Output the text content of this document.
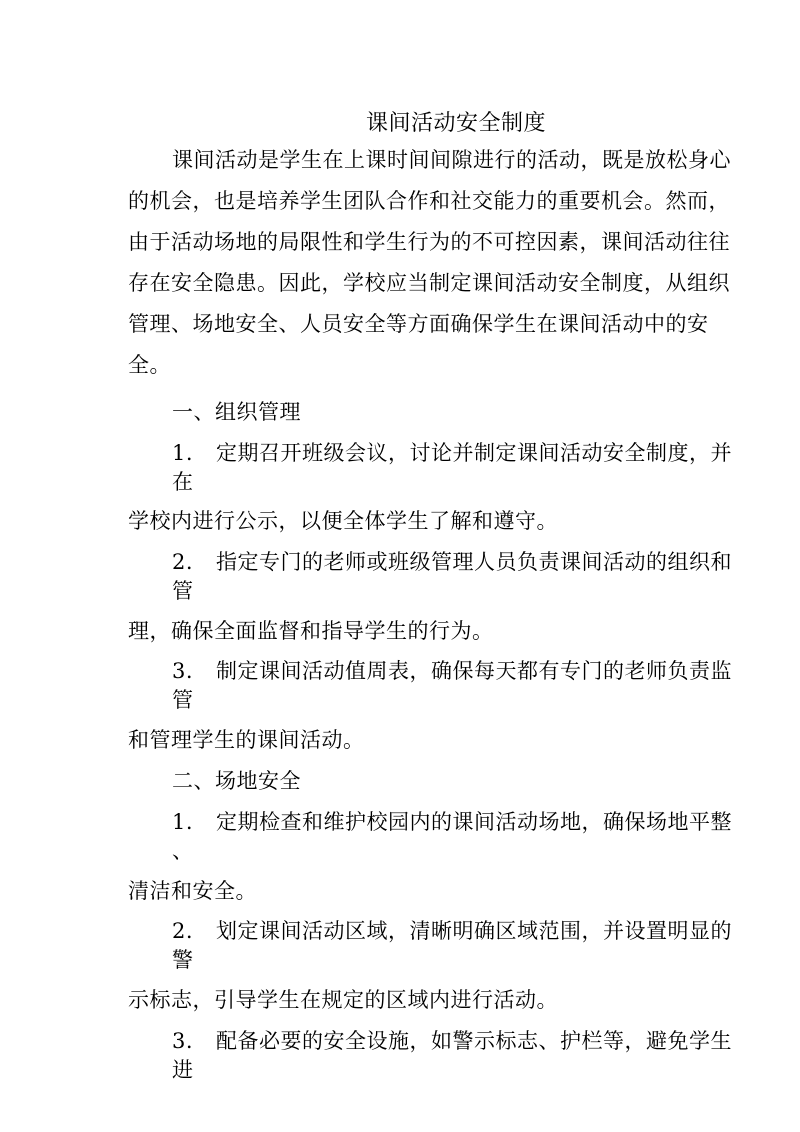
课间活动安全制度
课间活动是学生在上课时间间隙进行的活动，既是放松身心
的机会，也是培养学生团队合作和社交能力的重要机会。然而，
由于活动场地的局限性和学生行为的不可控因素，课间活动往往
存在安全隐患。因此，学校应当制定课间活动安全制度，从组织
管理、场地安全、人员安全等方面确保学生在课间活动中的安
全。
一、组织管理
1. 定期召开班级会议，讨论并制定课间活动安全制度，并
在
学校内进行公示，以便全体学生了解和遵守。
2. 指定专门的老师或班级管理人员负责课间活动的组织和
管
理，确保全面监督和指导学生的行为。
3. 制定课间活动值周表，确保每天都有专门的老师负责监
管
和管理学生的课间活动。
二、场地安全
1. 定期检查和维护校园内的课间活动场地，确保场地平整
、
清洁和安全。
2. 划定课间活动区域，清晰明确区域范围，并设置明显的
警
示标志，引导学生在规定的区域内进行活动。
3. 配备必要的安全设施，如警示标志、护栏等，避免学生
进
